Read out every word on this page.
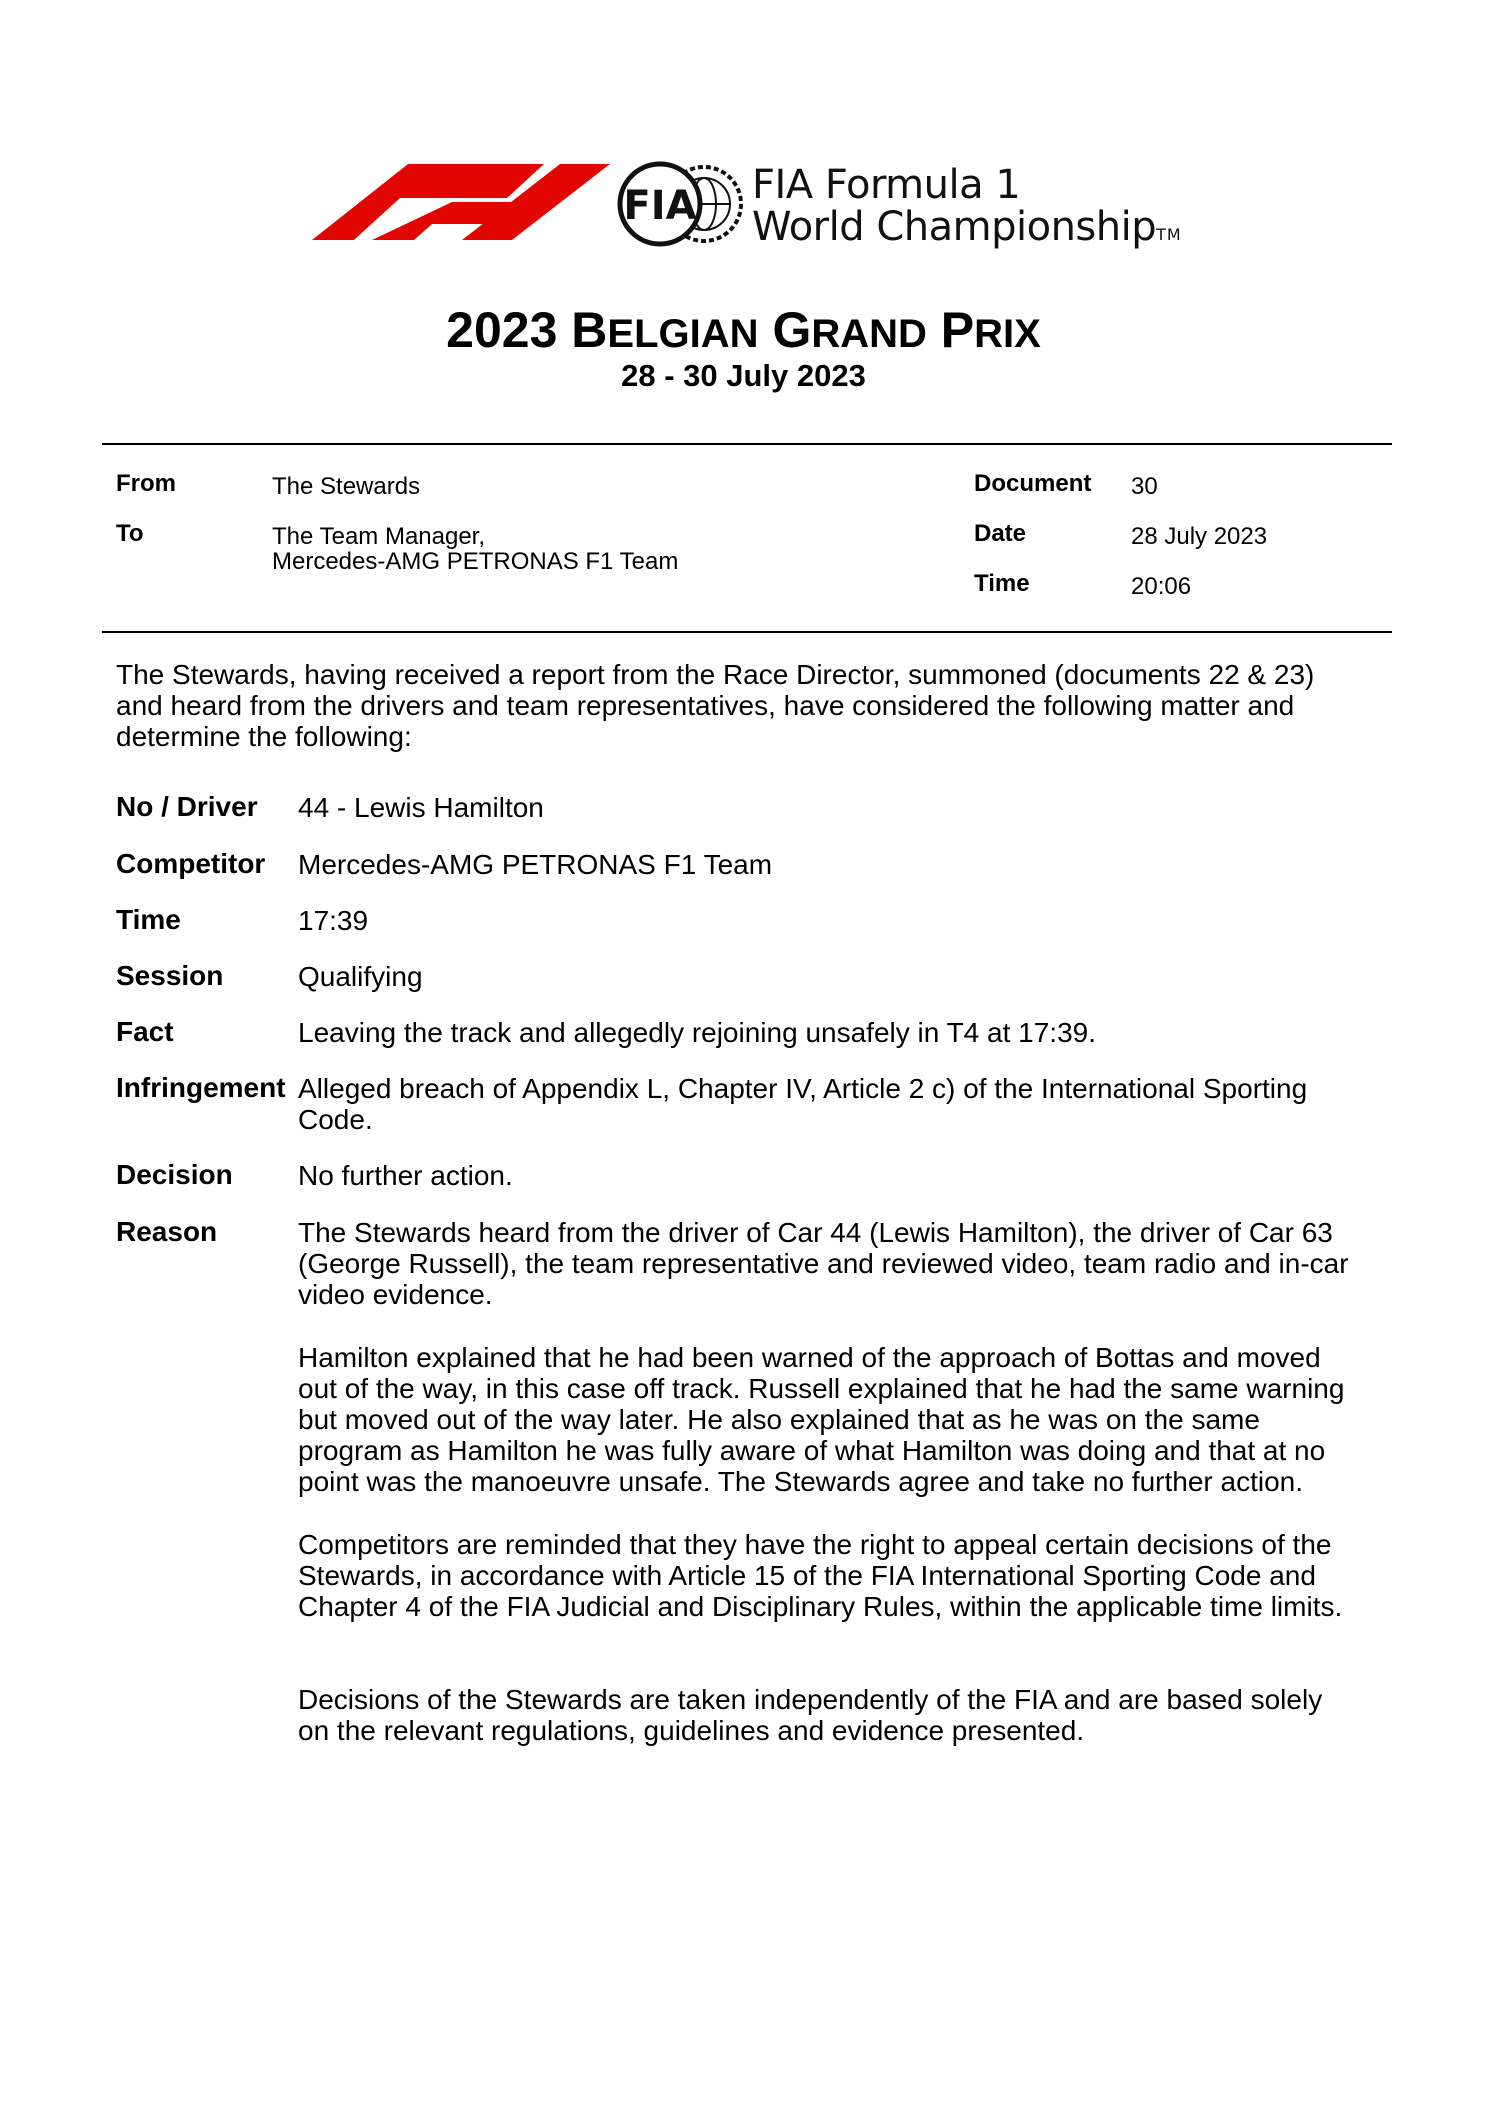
FIA FIA Formula 1
World ChampionshipTM
2023 BELGIAN GRAND PRIX
28 - 30 July 2023
From	The Stewards
To	The Team Manager,
Mercedes-AMG PETRONAS F1 Team
Document 30
Date	28 July 2023
Time	20:06
The Stewards, having received a report from the Race Director, summoned (documents 22 & 23)
and heard from the drivers and team representatives, have considered the following matter and
determine the following:
No / Driver 44 - Lewis Hamilton
Competitor Mercedes-AMG PETRONAS F1 Team
Time	17:39
Session	Qualifying
Fact	Leaving the track and allegedly rejoining unsafely in T4 at 17:39.
Infringement Alleged breach of Appendix L, Chapter IV, Article 2 c) of the International Sporting
Code.
Decision No further action.
Reason	The Stewards heard from the driver of Car 44 (Lewis Hamilton), the driver of Car 63
(George Russell), the team representative and reviewed video, team radio and in-car
video evidence.
Hamilton explained that he had been warned of the approach of Bottas and moved
out of the way, in this case off track. Russell explained that he had the same warning
but moved out of the way later. He also explained that as he was on the same
program as Hamilton he was fully aware of what Hamilton was doing and that at no
point was the manoeuvre unsafe. The Stewards agree and take no further action.
Competitors are reminded that they have the right to appeal certain decisions of the
Stewards, in accordance with Article 15 of the FIA International Sporting Code and
Chapter 4 of the FIA Judicial and Disciplinary Rules, within the applicable time limits.
Decisions of the Stewards are taken independently of the FIA and are based solely
on the relevant regulations, guidelines and evidence presented.
